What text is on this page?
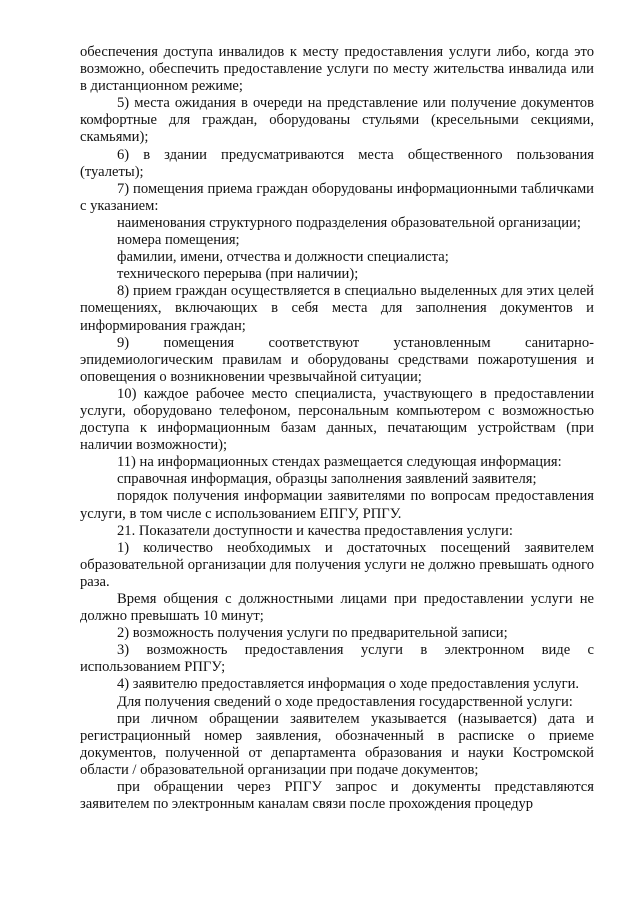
обеспечения доступа инвалидов к месту предоставления услуги либо, когда это возможно, обеспечить предоставление услуги по месту жительства инвалида или в дистанционном режиме;

5) места ожидания в очереди на представление или получение документов комфортные для граждан, оборудованы стульями (кресельными секциями, скамьями);

6) в здании предусматриваются места общественного пользования (туалеты);

7) помещения приема граждан оборудованы информационными табличками с указанием:

наименования структурного подразделения образовательной организации;

номера помещения;

фамилии, имени, отчества и должности специалиста;

технического перерыва (при наличии);

8) прием граждан осуществляется в специально выделенных для этих целей помещениях, включающих в себя места для заполнения документов и информирования граждан;

9) помещения соответствуют установленным санитарно-эпидемиологическим правилам и оборудованы средствами пожаротушения и оповещения о возникновении чрезвычайной ситуации;

10) каждое рабочее место специалиста, участвующего в предоставлении услуги, оборудовано телефоном, персональным компьютером с возможностью доступа к информационным базам данных, печатающим устройствам (при наличии возможности);

11) на информационных стендах размещается следующая информация:

справочная информация, образцы заполнения заявлений заявителя;

порядок получения информации заявителями по вопросам предоставления услуги, в том числе с использованием ЕПГУ, РПГУ.

21. Показатели доступности и качества предоставления услуги:

1) количество необходимых и достаточных посещений заявителем образовательной организации для получения услуги не должно превышать одного раза.

Время общения с должностными лицами при предоставлении услуги не должно превышать 10 минут;

2) возможность получения услуги по предварительной записи;

3) возможность предоставления услуги в электронном виде с использованием РПГУ;

4) заявителю предоставляется информация о ходе предоставления услуги.

Для получения сведений о ходе предоставления государственной услуги:

при личном обращении заявителем указывается (называется) дата и регистрационный номер заявления, обозначенный в расписке о приеме документов, полученной от департамента образования и науки Костромской области / образовательной организации при подаче документов;

при обращении через РПГУ запрос и документы представляются заявителем по электронным каналам связи после прохождения процедур
